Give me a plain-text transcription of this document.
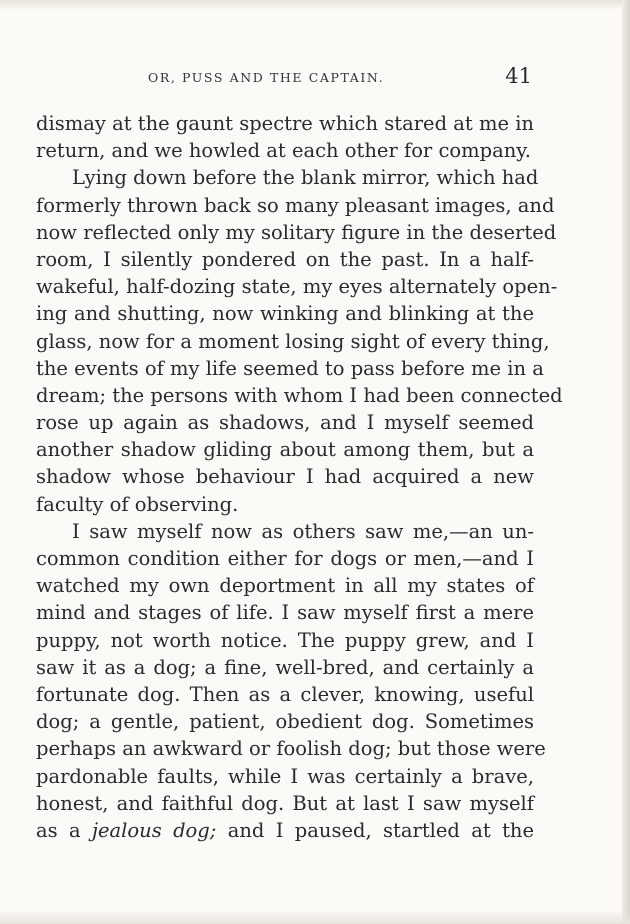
OR, PUSS AND THE CAPTAIN.	41
dismay at the gaunt spectre which stared at me in
return, and we howled at each other for company.
Lying down before the blank mirror, which had
formerly thrown back so many pleasant images, and
now reflected only my solitary figure in the deserted
room, I silently pondered on the past. In a half-
wakeful, half-dozing state, my eyes alternately open-
ing and shutting, now winking and blinking at the
glass, now for a moment losing sight of every thing,
the events of my life seemed to pass before me in a
dream; the persons with whom I had been connected
rose up again as shadows, and I myself seemed
another shadow gliding about among them, but a
shadow whose behaviour I had acquired a new
faculty of observing.
I saw myself now as others saw me,—an un-
common condition either for dogs or men,—and I
watched my own deportment in all my states of
mind and stages of life. I saw myself first a mere
puppy, not worth notice. The puppy grew, and I
saw it as a dog; a fine, well-bred, and certainly a
fortunate dog. Then as a clever, knowing, useful
dog; a gentle, patient, obedient dog. Sometimes
perhaps an awkward or foolish dog; but those were
pardonable faults, while I was certainly a brave,
honest, and faithful dog. But at last I saw myself
as a jealous dog; and I paused, startled at the
